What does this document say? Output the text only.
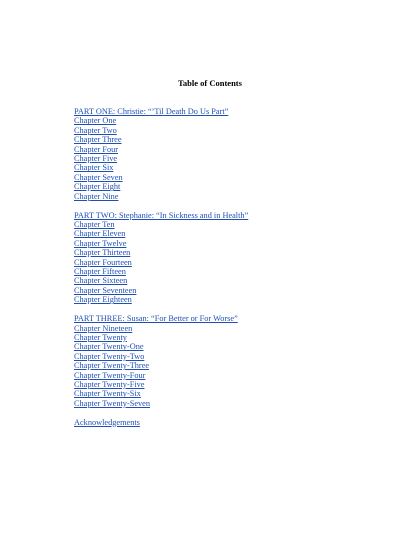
Table of Contents
PART ONE: Christie: “’Til Death Do Us Part”
Chapter One
Chapter Two
Chapter Three
Chapter Four
Chapter Five
Chapter Six
Chapter Seven
Chapter Eight
Chapter Nine
PART TWO: Stephanie: “In Sickness and in Health”
Chapter Ten
Chapter Eleven
Chapter Twelve
Chapter Thirteen
Chapter Fourteen
Chapter Fifteen
Chapter Sixteen
Chapter Seventeen
Chapter Eighteen
PART THREE: Susan: “For Better or For Worse”
Chapter Nineteen
Chapter Twenty
Chapter Twenty-One
Chapter Twenty-Two
Chapter Twenty-Three
Chapter Twenty-Four
Chapter Twenty-Five
Chapter Twenty-Six
Chapter Twenty-Seven
Acknowledgements
